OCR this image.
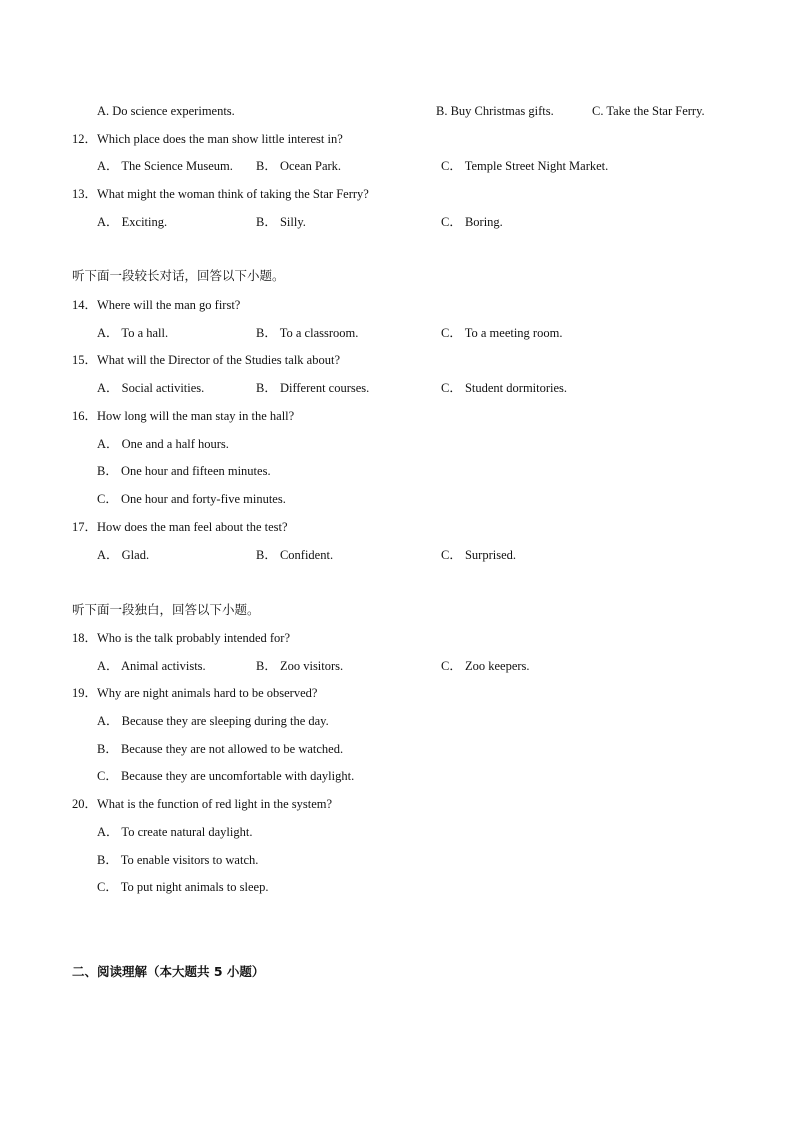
A. Do science experiments.	B. Buy Christmas gifts.	C. Take the Star Ferry.
12．Which place does the man show little interest in?
A． The Science Museum. B． Ocean Park.	C． Temple Street Night Market.
13．What might the woman think of taking the Star Ferry?
A． Exciting.	B． Silly.	C． Boring.
听下面一段较长对话，回答以下小题。
14．Where will the man go first?
A． To a hall.	B． To a classroom.	C． To a meeting room.
15．What will the Director of the Studies talk about?
A． Social activities.	B． Different courses.	C． Student dormitories.
16．How long will the man stay in the hall?
A． One and a half hours.
B． One hour and fifteen minutes.
C． One hour and forty-five minutes.
17．How does the man feel about the test?
A． Glad.	B． Confident.	C． Surprised.
听下面一段独白，回答以下小题。
18．Who is the talk probably intended for?
A． Animal activists.	B． Zoo visitors.	C． Zoo keepers.
19．Why are night animals hard to be observed?
A． Because they are sleeping during the day.
B． Because they are not allowed to be watched.
C． Because they are uncomfortable with daylight.
20．What is the function of red light in the system?
A． To create natural daylight.
B． To enable visitors to watch.
C． To put night animals to sleep.
二、阅读理解（本大题共 5 小题）
